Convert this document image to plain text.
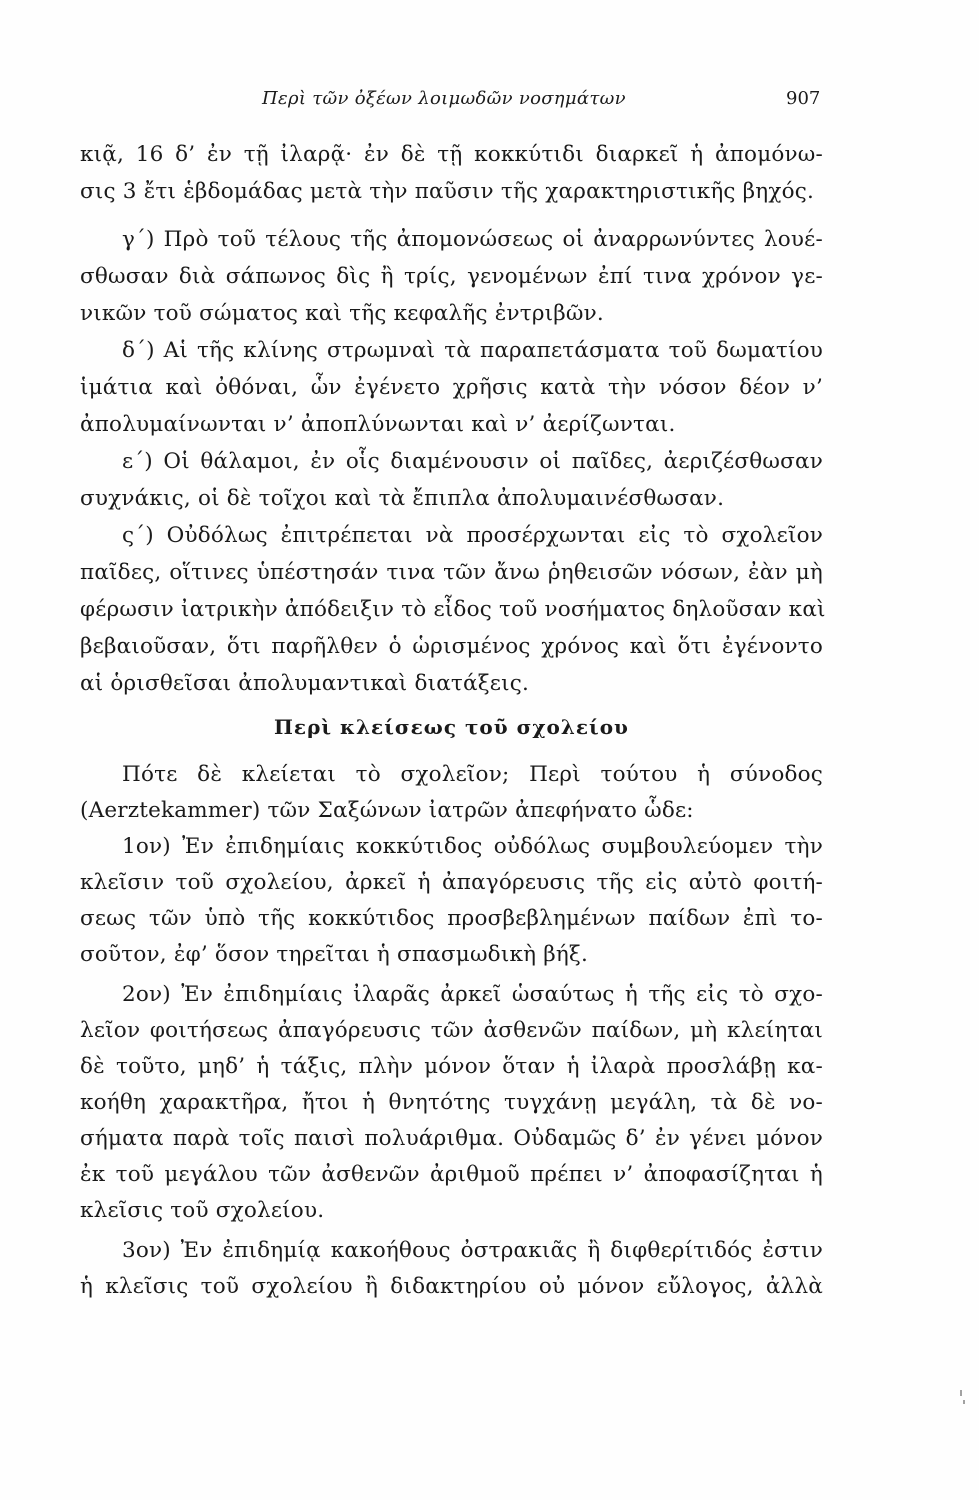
Περὶ τῶν ὀξέων λοιμωδῶν νοσημάτων	907
κιᾷ, 16 δ’ ἐν τῇ ἰλαρᾷ· ἐν δὲ τῇ κοκκύτιδι διαρκεῖ ἡ ἀπομόνω-
σις 3 ἔτι ἑβδομάδας μετὰ τὴν παῦσιν τῆς χαρακτηριστικῆς βηχός.
γ΄) Πρὸ τοῦ τέλους τῆς ἀπομονώσεως οἱ ἀναρρωνύντες λουέ-
σθωσαν διὰ σάπωνος δὶς ἢ τρίς, γενομένων ἐπί τινα χρόνον γε-
νικῶν τοῦ σώματος καὶ τῆς κεφαλῆς ἐντριβῶν.
δ΄) Αἱ τῆς κλίνης στρωμναὶ τὰ παραπετάσματα τοῦ δωματίου
ἱμάτια καὶ ὀθόναι, ὧν ἐγένετο χρῆσις κατὰ τὴν νόσον δέον ν’
ἀπολυμαίνωνται ν’ ἀποπλύνωνται καὶ ν’ ἀερίζωνται.
ε΄) Οἱ θάλαμοι, ἐν οἷς διαμένουσιν οἱ παῖδες, ἀεριζέσθωσαν
συχνάκις, οἱ δὲ τοῖχοι καὶ τὰ ἔπιπλα ἀπολυμαινέσθωσαν.
ς΄) Οὐδόλως ἐπιτρέπεται νὰ προσέρχωνται εἰς τὸ σχολεῖον
παῖδες, οἵτινες ὑπέστησάν τινα τῶν ἄνω ῥηθεισῶν νόσων, ἐὰν μὴ
φέρωσιν ἰατρικὴν ἀπόδειξιν τὸ εἶδος τοῦ νοσήματος δηλοῦσαν καὶ
βεβαιοῦσαν, ὅτι παρῆλθεν ὁ ὡρισμένος χρόνος καὶ ὅτι ἐγένοντο
αἱ ὁρισθεῖσαι ἀπολυμαντικαὶ διατάξεις.
Περὶ κλείσεως τοῦ σχολείου
Πότε δὲ κλείεται τὸ σχολεῖον; Περὶ τούτου ἡ σύνοδος
(Aerztekammer) τῶν Σαξώνων ἰατρῶν ἀπεφήνατο ὧδε:
1ον) Ἐν ἐπιδημίαις κοκκύτιδος οὐδόλως συμβουλεύομεν τὴν
κλεῖσιν τοῦ σχολείου, ἀρκεῖ ἡ ἀπαγόρευσις τῆς εἰς αὐτὸ φοιτή-
σεως τῶν ὑπὸ τῆς κοκκύτιδος προσβεβλημένων παίδων ἐπὶ το-
σοῦτον, ἐφ’ ὅσον τηρεῖται ἡ σπασμωδικὴ βήξ.
2ον) Ἐν ἐπιδημίαις ἰλαρᾶς ἀρκεῖ ὡσαύτως ἡ τῆς εἰς τὸ σχο-
λεῖον φοιτήσεως ἀπαγόρευσις τῶν ἀσθενῶν παίδων, μὴ κλείηται
δὲ τοῦτο, μηδ’ ἡ τάξις, πλὴν μόνον ὅταν ἡ ἰλαρὰ προσλάβῃ κα-
κοήθη χαρακτῆρα, ἤτοι ἡ θνητότης τυγχάνῃ μεγάλη, τὰ δὲ νο-
σήματα παρὰ τοῖς παισὶ πολυάριθμα. Οὐδαμῶς δ’ ἐν γένει μόνον
ἐκ τοῦ μεγάλου τῶν ἀσθενῶν ἀριθμοῦ πρέπει ν’ ἀποφασίζηται ἡ
κλεῖσις τοῦ σχολείου.
3ον) Ἐν ἐπιδημίᾳ κακοήθους ὀστρακιᾶς ἢ διφθερίτιδός ἐστιν
ἡ κλεῖσις τοῦ σχολείου ἢ διδακτηρίου οὐ μόνον εὔλογος, ἀλλὰ
